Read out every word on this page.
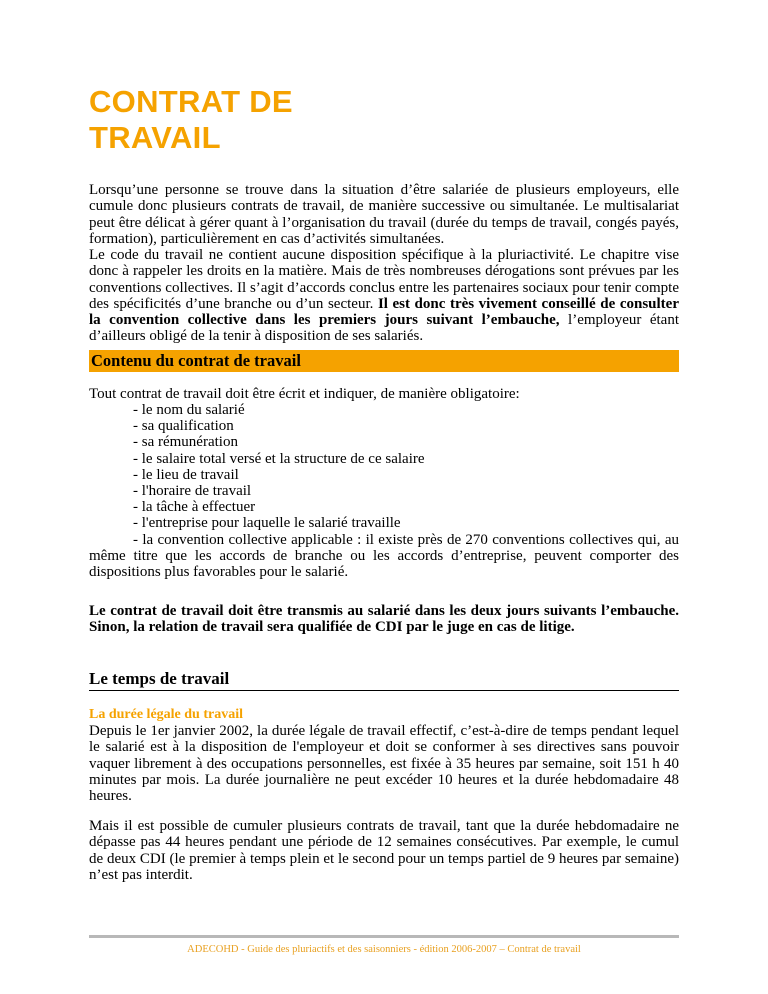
CONTRAT DE
TRAVAIL

Lorsqu’une personne se trouve dans la situation d’être salariée de plusieurs employeurs, elle cumule donc plusieurs contrats de travail, de manière successive ou simultanée. Le multisalariat peut être délicat à gérer quant à l’organisation du travail (durée du temps de travail, congés payés, formation), particulièrement en cas d’activités simultanées.

Le code du travail ne contient aucune disposition spécifique à la pluriactivité. Le chapitre vise donc à rappeler les droits en la matière. Mais de très nombreuses dérogations sont prévues par les conventions collectives. Il s’agit d’accords conclus entre les partenaires sociaux pour tenir compte des spécificités d’une branche ou d’un secteur. Il est donc très vivement conseillé de consulter la convention collective dans les premiers jours suivant l’embauche, l’employeur étant d’ailleurs obligé de la tenir à disposition de ses salariés.

Contenu du contrat de travail

Tout contrat de travail doit être écrit et indiquer, de manière obligatoire:

- le nom du salarié
- sa qualification
- sa rémunération
- le salaire total versé et la structure de ce salaire
- le lieu de travail
- l'horaire de travail
- la tâche à effectuer
- l'entreprise pour laquelle le salarié travaille
- la convention collective applicable : il existe près de 270 conventions collectives qui, au même titre que les accords de branche ou les accords d’entreprise, peuvent comporter des dispositions plus favorables pour le salarié.

Le contrat de travail doit être transmis au salarié dans les deux jours suivants l’embauche. Sinon, la relation de travail sera qualifiée de CDI par le juge en cas de litige.

Le temps de travail

La durée légale du travail

Depuis le 1er janvier 2002, la durée légale de travail effectif, c’est-à-dire de temps pendant lequel le salarié est à la disposition de l'employeur et doit se conformer à ses directives sans pouvoir vaquer librement à des occupations personnelles, est fixée à 35 heures par semaine, soit 151 h 40 minutes par mois. La durée journalière ne peut excéder 10 heures et la durée hebdomadaire 48 heures.

Mais il est possible de cumuler plusieurs contrats de travail, tant que la durée hebdomadaire ne dépasse pas 44 heures pendant une période de 12 semaines consécutives. Par exemple, le cumul de deux CDI (le premier à temps plein et le second pour un temps partiel de 9 heures par semaine) n’est pas interdit.

ADECOHD - Guide des pluriactifs et des saisonniers - édition 2006-2007 – Contrat de travail
